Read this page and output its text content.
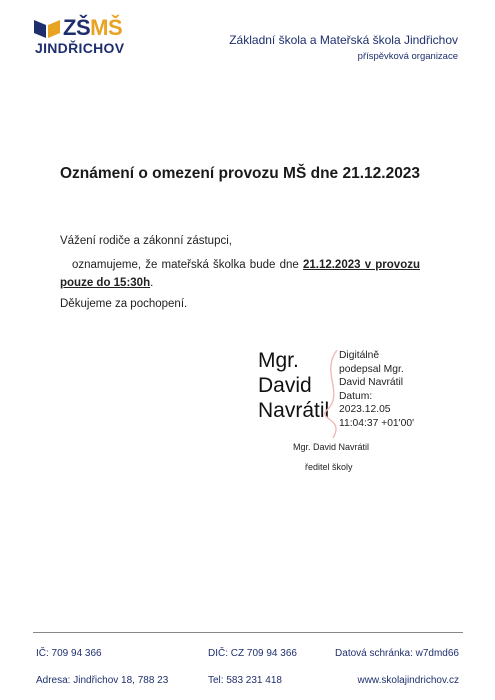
ZŠMŠ
JINDŘICHOV	Základní škola a Mateřská škola Jindřichov
příspěvková organizace
Oznámení o omezení provozu MŠ dne 21.12.2023
Vážení rodiče a zákonní zástupci,
oznamujeme, že mateřská školka bude dne 21.12.2023 v provozu pouze do 15:30h.
Děkujeme za pochopení.
Mgr.
David
Navrátil
Digitálně
podepsal Mgr.
David Navrátil
Datum:
2023.12.05
11:04:37 +01'00'
Mgr. David Navrátil
ředitel školy
IČ: 709 94 366	DIČ: CZ 709 94 366	Datová schránka: w7dmd66
Adresa: Jindřichov 18, 788 23	Tel: 583 231 418	www.skolajindrichov.cz
